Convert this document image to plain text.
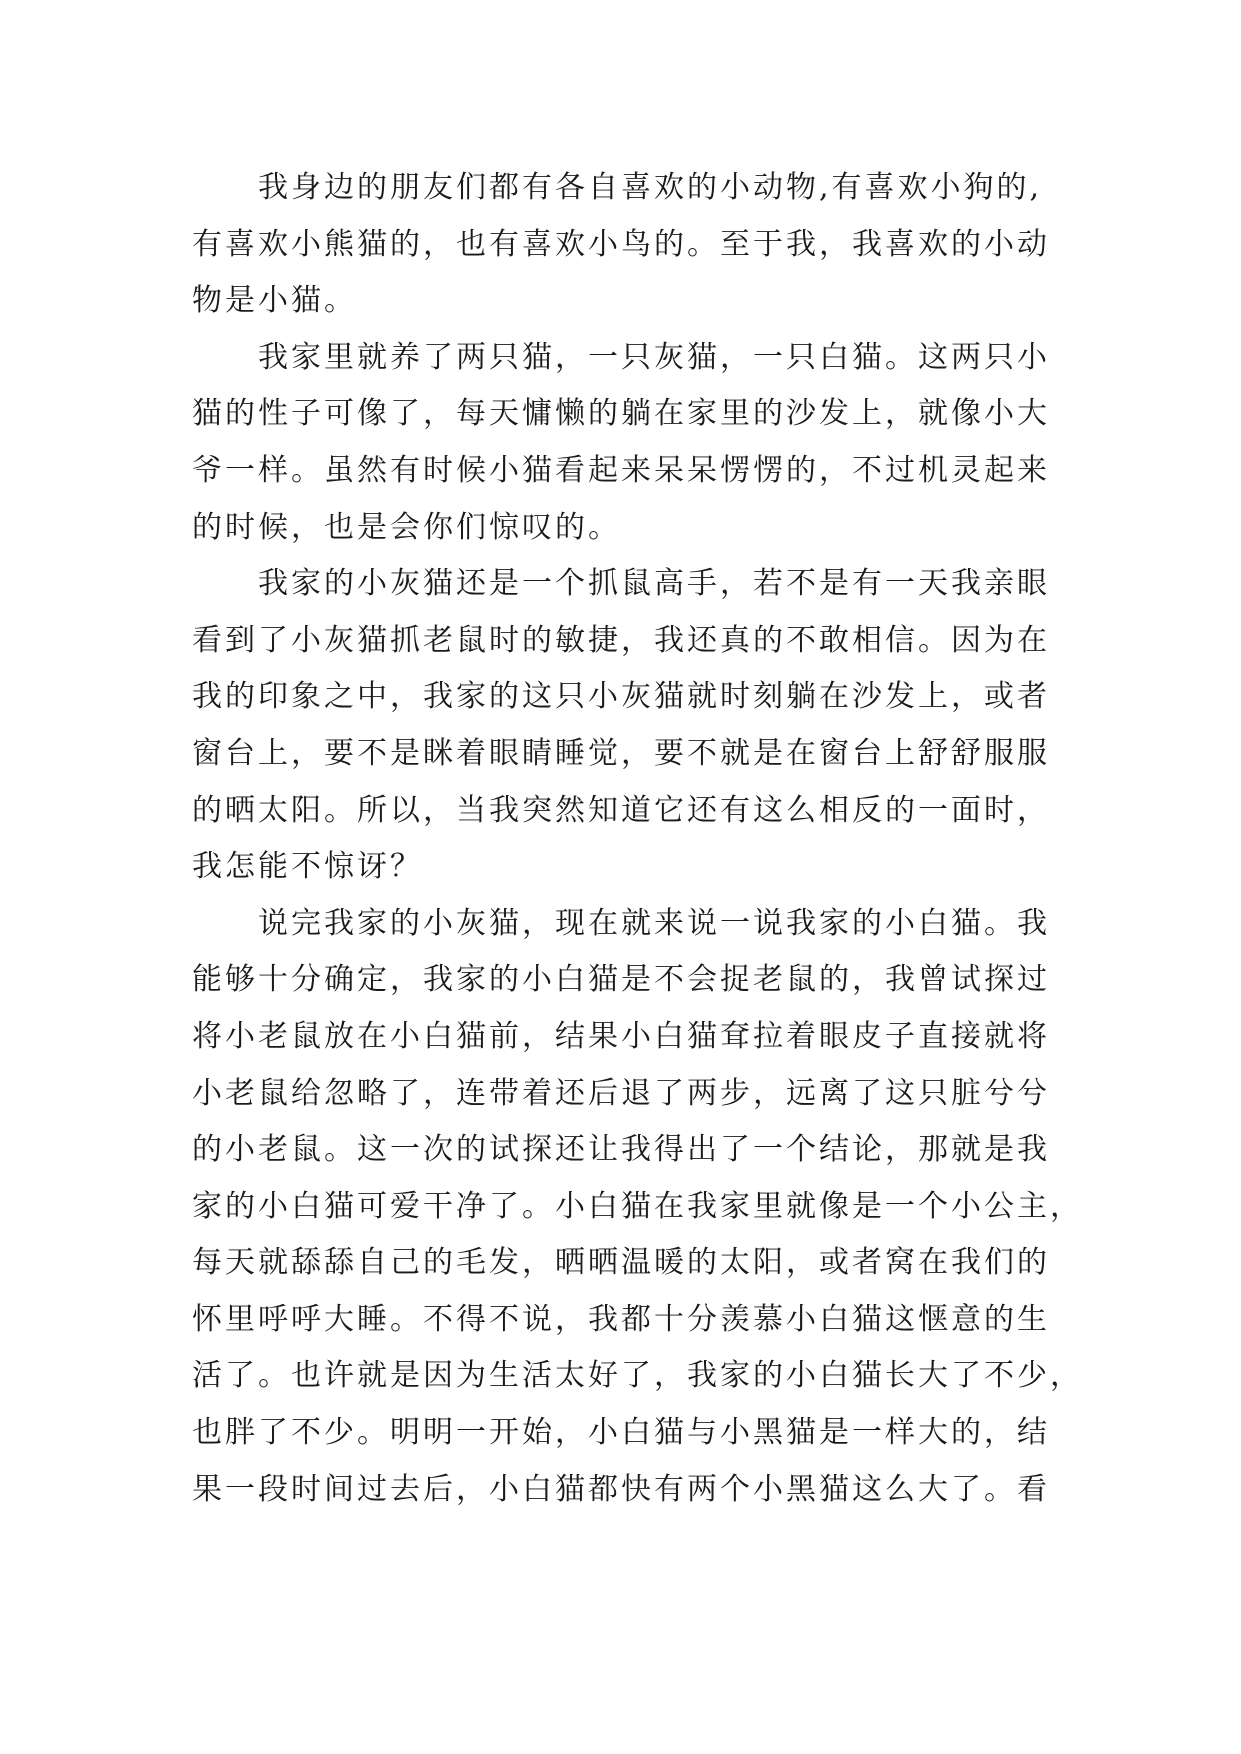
我身边的朋友们都有各自喜欢的小动物,有喜欢小狗的,
有喜欢小熊猫的，也有喜欢小鸟的。至于我，我喜欢的小动
物是小猫。
我家里就养了两只猫，一只灰猫，一只白猫。这两只小
猫的性子可像了，每天慵懒的躺在家里的沙发上，就像小大
爷一样。虽然有时候小猫看起来呆呆愣愣的，不过机灵起来
的时候，也是会你们惊叹的。
我家的小灰猫还是一个抓鼠高手，若不是有一天我亲眼
看到了小灰猫抓老鼠时的敏捷，我还真的不敢相信。因为在
我的印象之中，我家的这只小灰猫就时刻躺在沙发上，或者
窗台上，要不是眯着眼睛睡觉，要不就是在窗台上舒舒服服
的晒太阳。所以，当我突然知道它还有这么相反的一面时，
我怎能不惊讶？
说完我家的小灰猫，现在就来说一说我家的小白猫。我
能够十分确定，我家的小白猫是不会捉老鼠的，我曾试探过
将小老鼠放在小白猫前，结果小白猫耷拉着眼皮子直接就将
小老鼠给忽略了，连带着还后退了两步，远离了这只脏兮兮
的小老鼠。这一次的试探还让我得出了一个结论，那就是我
家的小白猫可爱干净了。小白猫在我家里就像是一个小公主，
每天就舔舔自己的毛发，晒晒温暖的太阳，或者窝在我们的
怀里呼呼大睡。不得不说，我都十分羡慕小白猫这惬意的生
活了。也许就是因为生活太好了，我家的小白猫长大了不少，
也胖了不少。明明一开始，小白猫与小黑猫是一样大的，结
果一段时间过去后，小白猫都快有两个小黑猫这么大了。看
